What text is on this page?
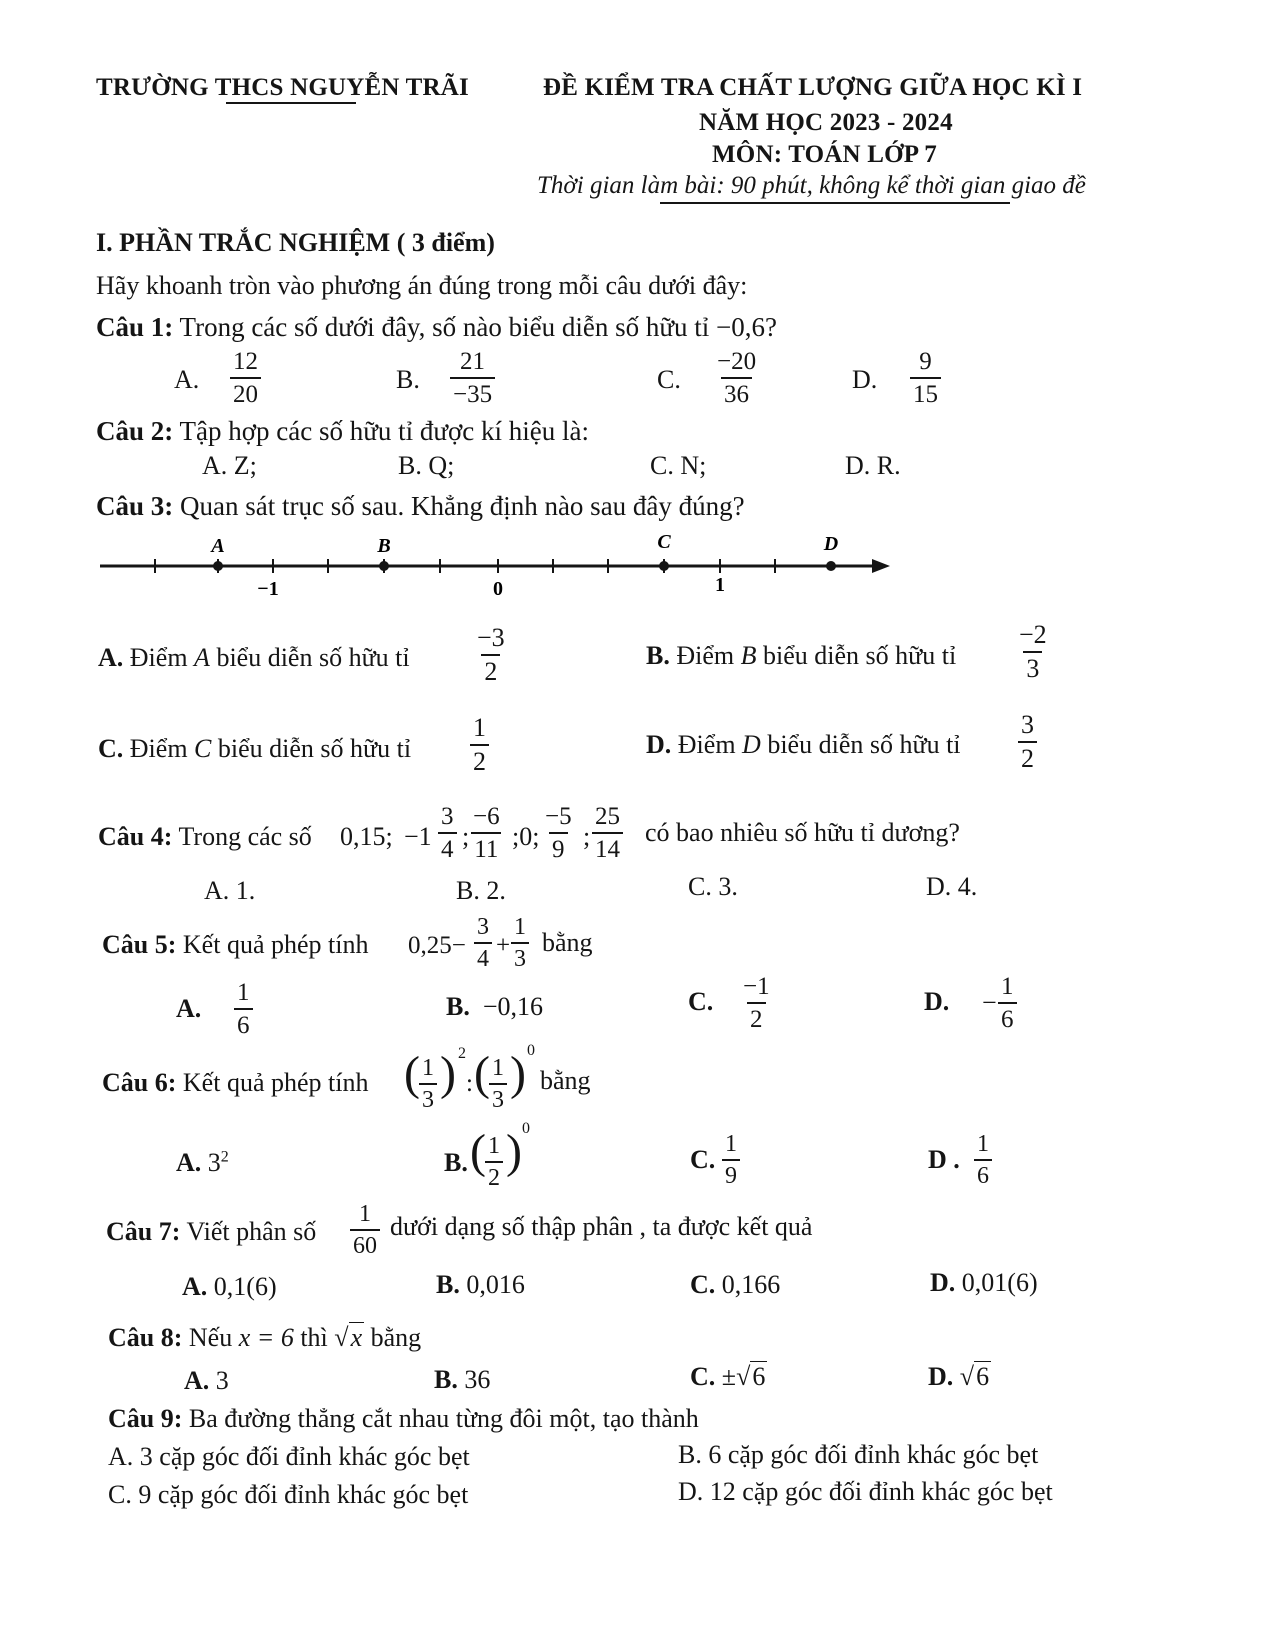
TRƯỜNG THCS NGUYỄN TRÃI	ĐỀ KIỂM TRA CHẤT LƯỢNG GIỮA HỌC KÌ I
NĂM HỌC 2023 - 2024
MÔN: TOÁN LỚP 7
Thời gian làm bài: 90 phút, không kể thời gian giao đề
I. PHẦN TRẮC NGHIỆM ( 3 điểm)
Hãy khoanh tròn vào phương án đúng trong mỗi câu dưới đây:
Câu 1: Trong các số dưới đây, số nào biểu diễn số hữu tỉ −0,6?
A. $\frac{12}{20}$	B. $\frac{21}{-35}$	C. $\frac{-20}{36}$	D. $\frac{9}{15}$
Câu 2: Tập hợp các số hữu tỉ được kí hiệu là:
A. Z;	B. Q;	C. N;	D. R.
Câu 3: Quan sát trục số sau. Khẳng định nào sau đây đúng?
A	B	C	D
−1	0	1
A. Điểm A biểu diễn số hữu tỉ $\frac{-3}{2}$	B. Điểm B biểu diễn số hữu tỉ $\frac{-2}{3}$
C. Điểm C biểu diễn số hữu tỉ $\frac{1}{2}$	D. Điểm D biểu diễn số hữu tỉ $\frac{3}{2}$
Câu 4: Trong các số 0,15; $-1 \frac{3}{4}$ ; $\frac{-6}{11}$ ;0; $\frac{-5}{9}$ ; $\frac{25}{14}$ có bao nhiêu số hữu tỉ dương?
A. 1.	B. 2.	C. 3.	D. 4.
Câu 5: Kết quả phép tính $0,25- \frac{3}{4} + \frac{1}{3}$ bằng
A. $\frac{1}{6}$	B. −0,16	C. $\frac{-1}{2}$	D. − $\frac{1}{6}$
Câu 6: Kết quả phép tính ( $\frac{1}{3}$ ) 2
: ( $\frac{1}{3}$ ) 0
bằng
A. $3^2$	B. ( $\frac{1}{2}$ ) 0
C. $\frac{1}{9}$	D . $\frac{1}{6}$
Câu 7: Viết phân số $\frac{1}{60}$ dưới dạng số thập phân , ta được kết quả
A. 0,1(6)	B. 0,016	C. 0,166	D. 0,01(6)
Câu 8: Nếu x = 6 thì √x bằng
A. 3	B. 36	C. ±√6	D. √6
Câu 9: Ba đường thẳng cắt nhau từng đôi một, tạo thành
A. 3 cặp góc đối đỉnh khác góc bẹt	B. 6 cặp góc đối đỉnh khác góc bẹt
C. 9 cặp góc đối đỉnh khác góc bẹt	D. 12 cặp góc đối đỉnh khác góc bẹt
